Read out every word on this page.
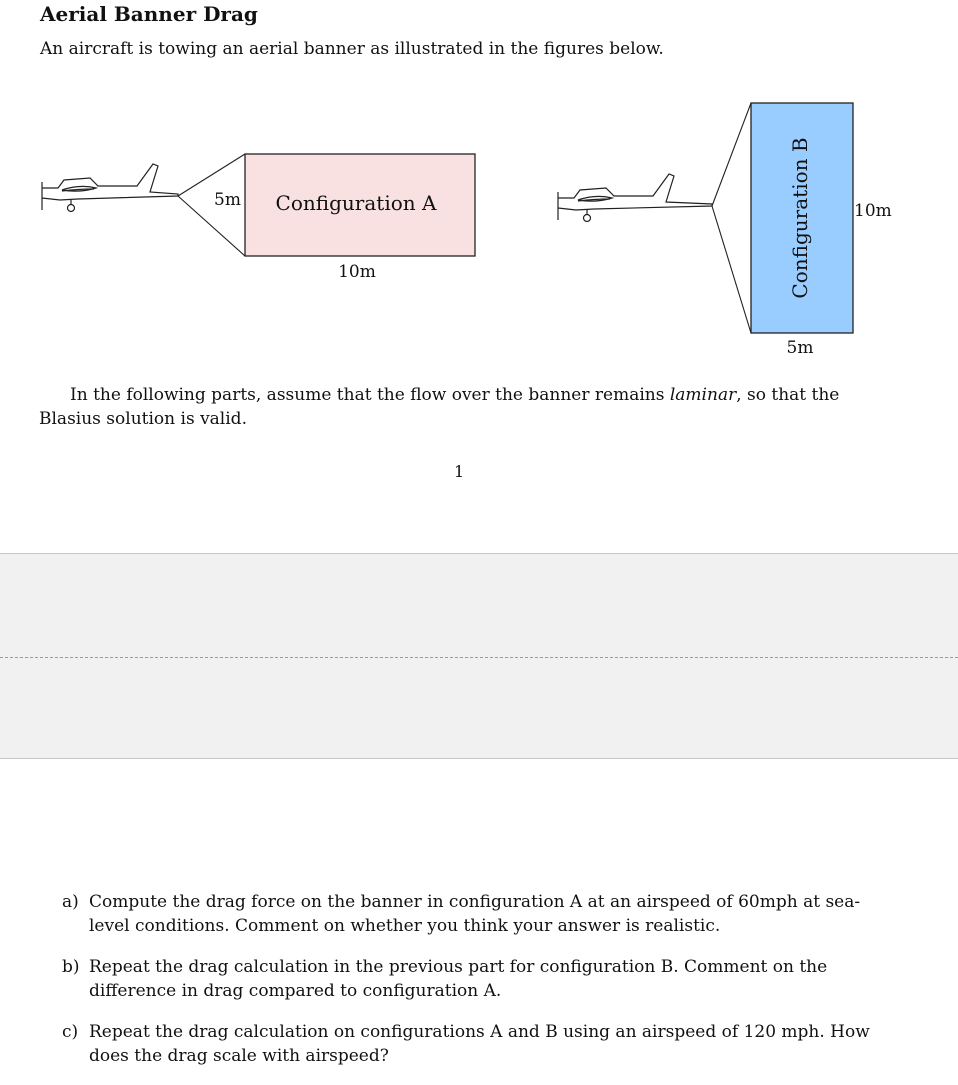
Aerial Banner Drag

An aircraft is towing an aerial banner as illustrated in the figures below.

Configuration A
5m
10m	Configuration B 10m
5m

In the following parts, assume that the flow over the banner remains laminar, so that the Blasius solution is valid.

1
a) Compute the drag force on the banner in configuration A at an airspeed of 60mph at sea-level conditions. Comment on whether you think your answer is realistic.
b) Repeat the drag calculation in the previous part for configuration B. Comment on the difference in drag compared to configuration A.
c) Repeat the drag calculation on configurations A and B using an airspeed of 120 mph. How does the drag scale with airspeed?
